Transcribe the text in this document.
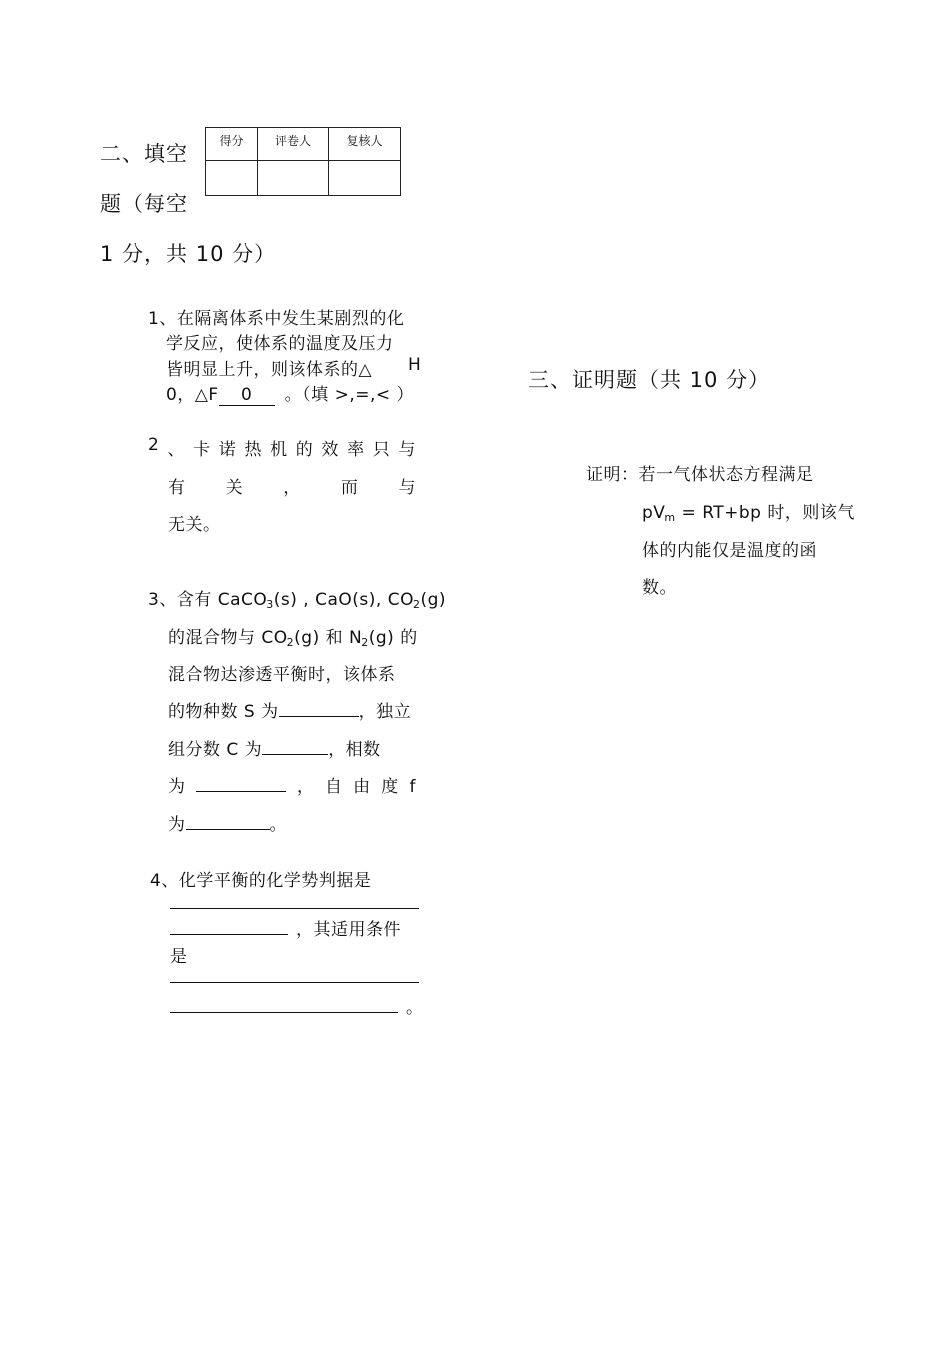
二、填空
题（每空
1 分，共 10 分）
得分	评卷人	复核人

1、在隔离体系中发生某剧烈的化
学反应，使体系的温度及压力
皆明显上升，则该体系的△ H
0，△F 0 。（填 >,=,< ）
2 、 卡 诺 热 机 的 效 率 只 与
有 关 ， 而 与
无关。
3、含有 CaCO3(s) , CaO(s), CO2(g)
的混合物与 CO2(g) 和 N2(g) 的
混合物达渗透平衡时，该体系
的物种数 S 为	，独立
组分数 C 为	，相数
为	， 自 由 度 f
为	。
4、化学平衡的化学势判据是
，其适用条件
是
。
三、证明题（共 10 分）
证明：若一气体状态方程满足
pVm = RT+bp 时，则该气
体的内能仅是温度的函
数。
